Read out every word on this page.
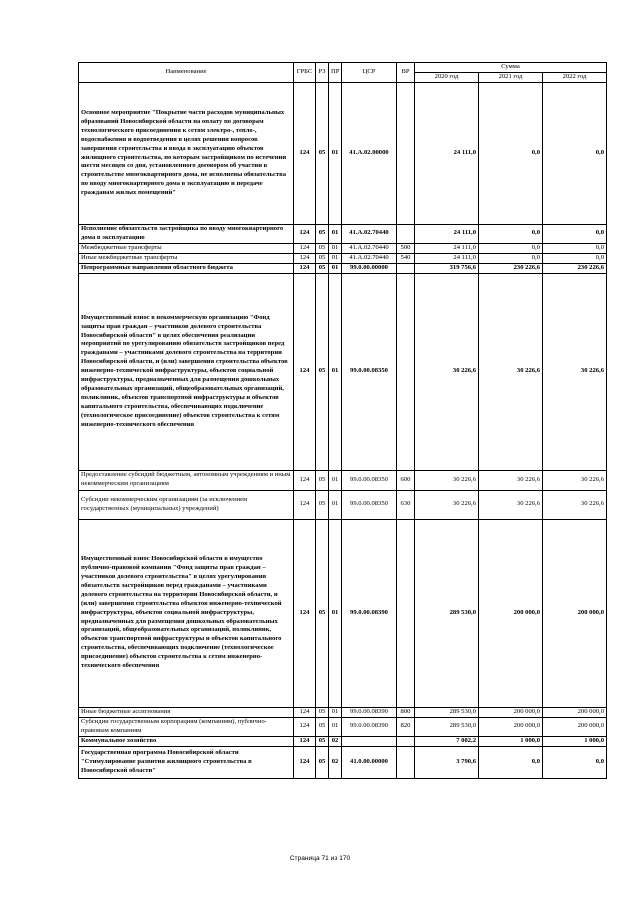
Наименование	ГРБС	РЗ	ПР	ЦСР	ВР	Сумма		
						2020 год	2021 год	2022 год
Основное мероприятие "Покрытие части расходов муниципальных образований Новосибирской области на оплату по договорам технологического присоединения к сетям электро-, тепло-, водоснабжения и водоотведения в целях решения вопросов завершения строительства и ввода в эксплуатацию объектов жилищного строительства, по которым застройщиком по истечении шести месяцев со дня, установленного договором об участии в строительстве многоквартирного дома, не исполнены обязательства по вводу многоквартирного дома в эксплуатацию и передаче гражданам жилых помещений"	124	05	01	41.А.02.00000		24 111,0	0,0	0,0
Исполнение обязательств застройщика по вводу многоквартирного дома в эксплуатацию	124	05	01	41.А.02.70440		24 111,0	0,0	0,0
Межбюджетные трансферты	124	05	01	41.А.02.70440	500	24 111,0	0,0	0,0
Иные межбюджетные трансферты	124	05	01	41.А.02.70440	540	24 111,0	0,0	0,0
Непрограммные направления областного бюджета	124	05	01	99.0.00.00000		319 756,6	230 226,6	230 226,6
Имущественный взнос в некоммерческую организацию "Фонд защиты прав граждан – участников долевого строительства Новосибирской области" в целях обеспечения реализации мероприятий по урегулированию обязательств застройщиков перед гражданами – участниками долевого строительства на территории Новосибирской области, и (или) завершения строительства объектов инженерно-технической инфраструктуры, объектов социальной инфраструктуры, предназначенных для размещения дошкольных образовательных организаций, общеобразовательных организаций, поликлиник, объектов транспортной инфраструктуры и объектов капитального строительства, обеспечивающих подключение (технологическое присоединение) объектов строительства к сетям инженерно-технического обеспечения	124	05	01	99.0.00.08350		30 226,6	30 226,6	30 226,6
Предоставление субсидий бюджетным, автономным учреждениям и иным некоммерческим организациям	124	05	01	99.0.00.08350	600	30 226,6	30 226,6	30 226,6
Субсидии некоммерческим организациям (за исключением государственных (муниципальных) учреждений)	124	05	01	99.0.00.08350	630	30 226,6	30 226,6	30 226,6
Имущественный взнос Новосибирской области в имущество публично-правовой компании "Фонд защиты прав граждан – участников долевого строительства" в целях урегулирования обязательств застройщиков перед гражданами – участниками долевого строительства на территории Новосибирской области, и (или) завершения строительства объектов инженерно-технической инфраструктуры, объектов социальной инфраструктуры, предназначенных для размещения дошкольных образовательных организаций, общеобразовательных организаций, поликлиник, объектов транспортной инфраструктуры и объектов капитального строительства, обеспечивающих подключение (технологическое присоединение) объектов строительства к сетям инженерно-технического обеспечения	124	05	01	99.0.00.08390		289 530,0	200 000,0	200 000,0
Иные бюджетные ассигнования	124	05	01	99.0.00.08390	800	289 530,0	200 000,0	200 000,0
Субсидии государственным корпорациям (компаниям), публично-правовым компаниям	124	05	01	99.0.00.08390	820	289 530,0	200 000,0	200 000,0
Коммунальное хозяйство	124	05	02			7 082,2	1 000,0	1 000,0
Государственная программа Новосибирской области "Стимулирование развития жилищного строительства в Новосибирской области"	124	05	02	41.0.00.00000		3 790,6	0,0	0,0
Страница 71 из 170
